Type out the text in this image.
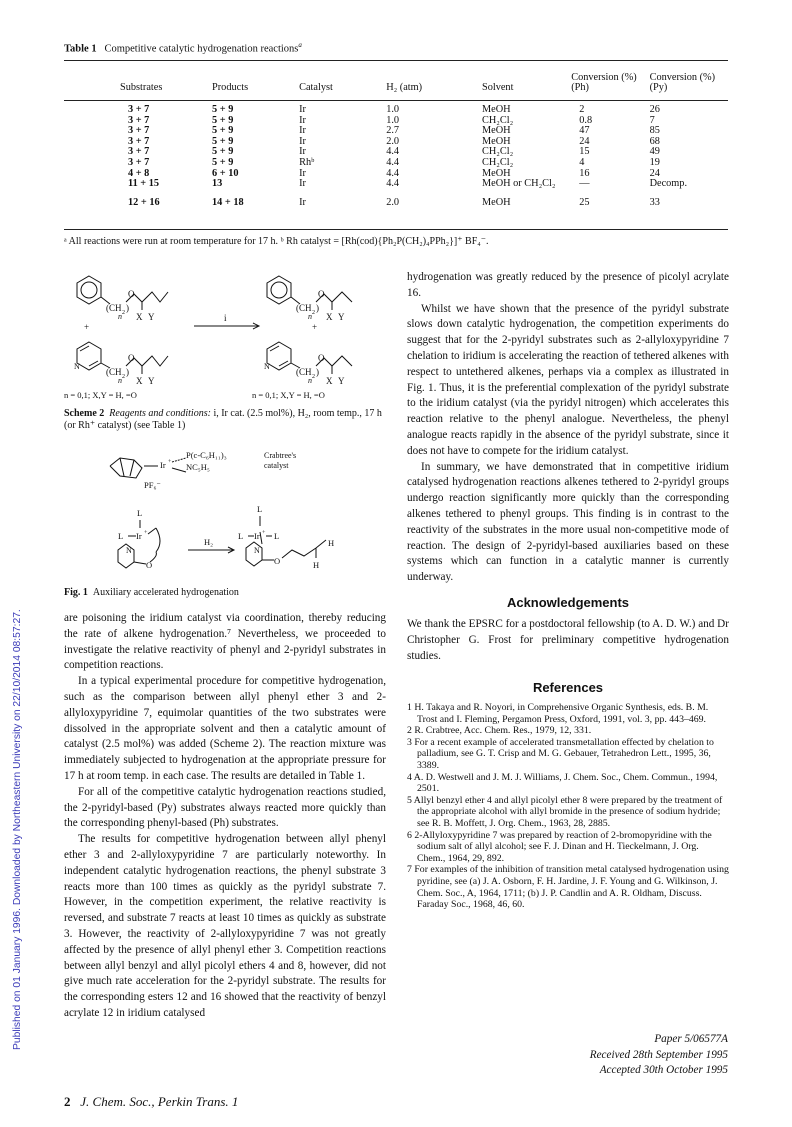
Published on 01 January 1996. Downloaded by Northeastern University on 22/10/2014 08:57:27.
Table 1 Competitive catalytic hydrogenation reactions$^a$
Substrates	Products	Catalyst	H₂ (atm)	Solvent	Conversion (%) (Ph)	Conversion (%) (Py)

3 + 7	5 + 9	Ir	1.0	MeOH	2	26
3 + 7	5 + 9	Ir	1.0	CH₂Cl₂	0.8	7
3 + 7	5 + 9	Ir	2.7	MeOH	47	85
3 + 7	5 + 9	Ir	2.0	MeOH	24	68
3 + 7	5 + 9	Ir	4.4	CH₂Cl₂	15	49
3 + 7	5 + 9	Rhᵇ	4.4	CH₂Cl₂	4	19
4 + 8	6 + 10	Ir	4.4	MeOH	16	24
11 + 15	13	Ir	4.4	MeOH or CH₂Cl₂	—	Decomp.
12 + 16	14 + 18	Ir	2.0	MeOH	25	33
ᵃ All reactions were run at room temperature for 17 h. ᵇ Rh catalyst = [Rh(cod){Ph₂P(CH₂)₄PPh₂}]⁺ BF₄⁻.
(CH 2 )
n
O
X Y
+
N
(CH 2 )
n
O
X Y
i
(CH 2 )
n
O
X Y
+
N
(CH 2 )
n
O
X Y
n = 0,1; X,Y = H, =O	n = 0,1; X,Y = H, =O
Scheme 2 Reagents and conditions: i, Ir cat. (2.5 mol%), H₂, room temp., 17 h (or Rh⁺ catalyst) (see Table 1)
Ir +
P(c-C₆H₁₁)₃
NC₅H₅
PF₆⁻
Crabtree's
catalyst
L
L Ir +
N
O
H₂
L
L Ir + L
N
O
H
H
Fig. 1 Auxiliary accelerated hydrogenation

are poisoning the iridium catalyst via coordination, thereby reducing the rate of alkene hydrogenation.⁷ Nevertheless, we proceeded to investigate the relative reactivity of phenyl and 2-pyridyl substrates in competition reactions.

In a typical experimental procedure for competitive hydrogenation, such as the comparison between allyl phenyl ether 3 and 2-allyloxypyridine 7, equimolar quantities of the two substrates were dissolved in the appropriate solvent and then a catalytic amount of catalyst (2.5 mol%) was added (Scheme 2). The reaction mixture was immediately subjected to hydrogenation at the appropriate pressure for 17 h at room temp. in each case. The results are detailed in Table 1.

For all of the competitive catalytic hydrogenation reactions studied, the 2-pyridyl-based (Py) substrates always reacted more quickly than the corresponding phenyl-based (Ph) substrates.

The results for competitive hydrogenation between allyl phenyl ether 3 and 2-allyloxypyridine 7 are particularly noteworthy. In independent catalytic hydrogenation reactions, the phenyl substrate 3 reacts more than 100 times as quickly as the pyridyl substrate 7. However, in the competition experiment, the relative reactivity is reversed, and substrate 7 reacts at least 10 times as quickly as substrate 3. However, the reactivity of 2-allyloxypyridine 7 was not greatly affected by the presence of allyl phenyl ether 3. Competition reactions between allyl benzyl and allyl picolyl ethers 4 and 8, however, did not give much rate acceleration for the 2-pyridyl substrate. The results for the corresponding esters 12 and 16 showed that the reactivity of benzyl acrylate 12 in iridium catalysed

hydrogenation was greatly reduced by the presence of picolyl acrylate 16.

Whilst we have shown that the presence of the pyridyl substrate slows down catalytic hydrogenation, the competition experiments do suggest that for the 2-pyridyl substrates such as 2-allyloxypyridine 7 chelation to iridium is accelerating the reaction of tethered alkenes with respect to untethered alkenes, perhaps via a complex as illustrated in Fig. 1. Thus, it is the preferential complexation of the pyridyl substrate to the iridium catalyst (via the pyridyl nitrogen) which accelerates this reaction relative to the phenyl analogue. Nevertheless, the phenyl analogue reacts rapidly in the absence of the pyridyl substrate, since it does not have to compete for the iridium catalyst.

In summary, we have demonstrated that in competitive iridium catalysed hydrogenation reactions alkenes tethered to 2-pyridyl groups undergo reaction significantly more quickly than the corresponding alkenes tethered to phenyl groups. This finding is in contrast to the reactivity of the substrates in the more usual non-competitive mode of reaction. The design of 2-pyridyl-based auxiliaries based on these systems which can function in a catalytic manner is currently underway.

Acknowledgements

We thank the EPSRC for a postdoctoral fellowship (to A. D. W.) and Dr Christopher G. Frost for preliminary competitive hydrogenation studies.

References

1 H. Takaya and R. Noyori, in Comprehensive Organic Synthesis, eds. B. M. Trost and I. Fleming, Pergamon Press, Oxford, 1991, vol. 3, pp. 443–469.

2 R. Crabtree, Acc. Chem. Res., 1979, 12, 331.

3 For a recent example of accelerated transmetallation effected by chelation to palladium, see G. T. Crisp and M. G. Gebauer, Tetrahedron Lett., 1995, 36, 3389.

4 A. D. Westwell and J. M. J. Williams, J. Chem. Soc., Chem. Commun., 1994, 2501.

5 Allyl benzyl ether 4 and allyl picolyl ether 8 were prepared by the treatment of the appropriate alcohol with allyl bromide in the presence of sodium hydride; see R. B. Moffett, J. Org. Chem., 1963, 28, 2885.

6 2-Allyloxypyridine 7 was prepared by reaction of 2-bromopyridine with the sodium salt of allyl alcohol; see F. J. Dinan and H. Tieckelmann, J. Org. Chem., 1964, 29, 892.

7 For examples of the inhibition of transition metal catalysed hydrogenation using pyridine, see (a) J. A. Osborn, F. H. Jardine, J. F. Young and G. Wilkinson, J. Chem. Soc., A, 1964, 1711; (b) J. P. Candlin and A. R. Oldham, Discuss. Faraday Soc., 1968, 46, 60.

Paper 5/06577A
Received 28th September 1995
Accepted 30th October 1995
2 J. Chem. Soc., Perkin Trans. 1
